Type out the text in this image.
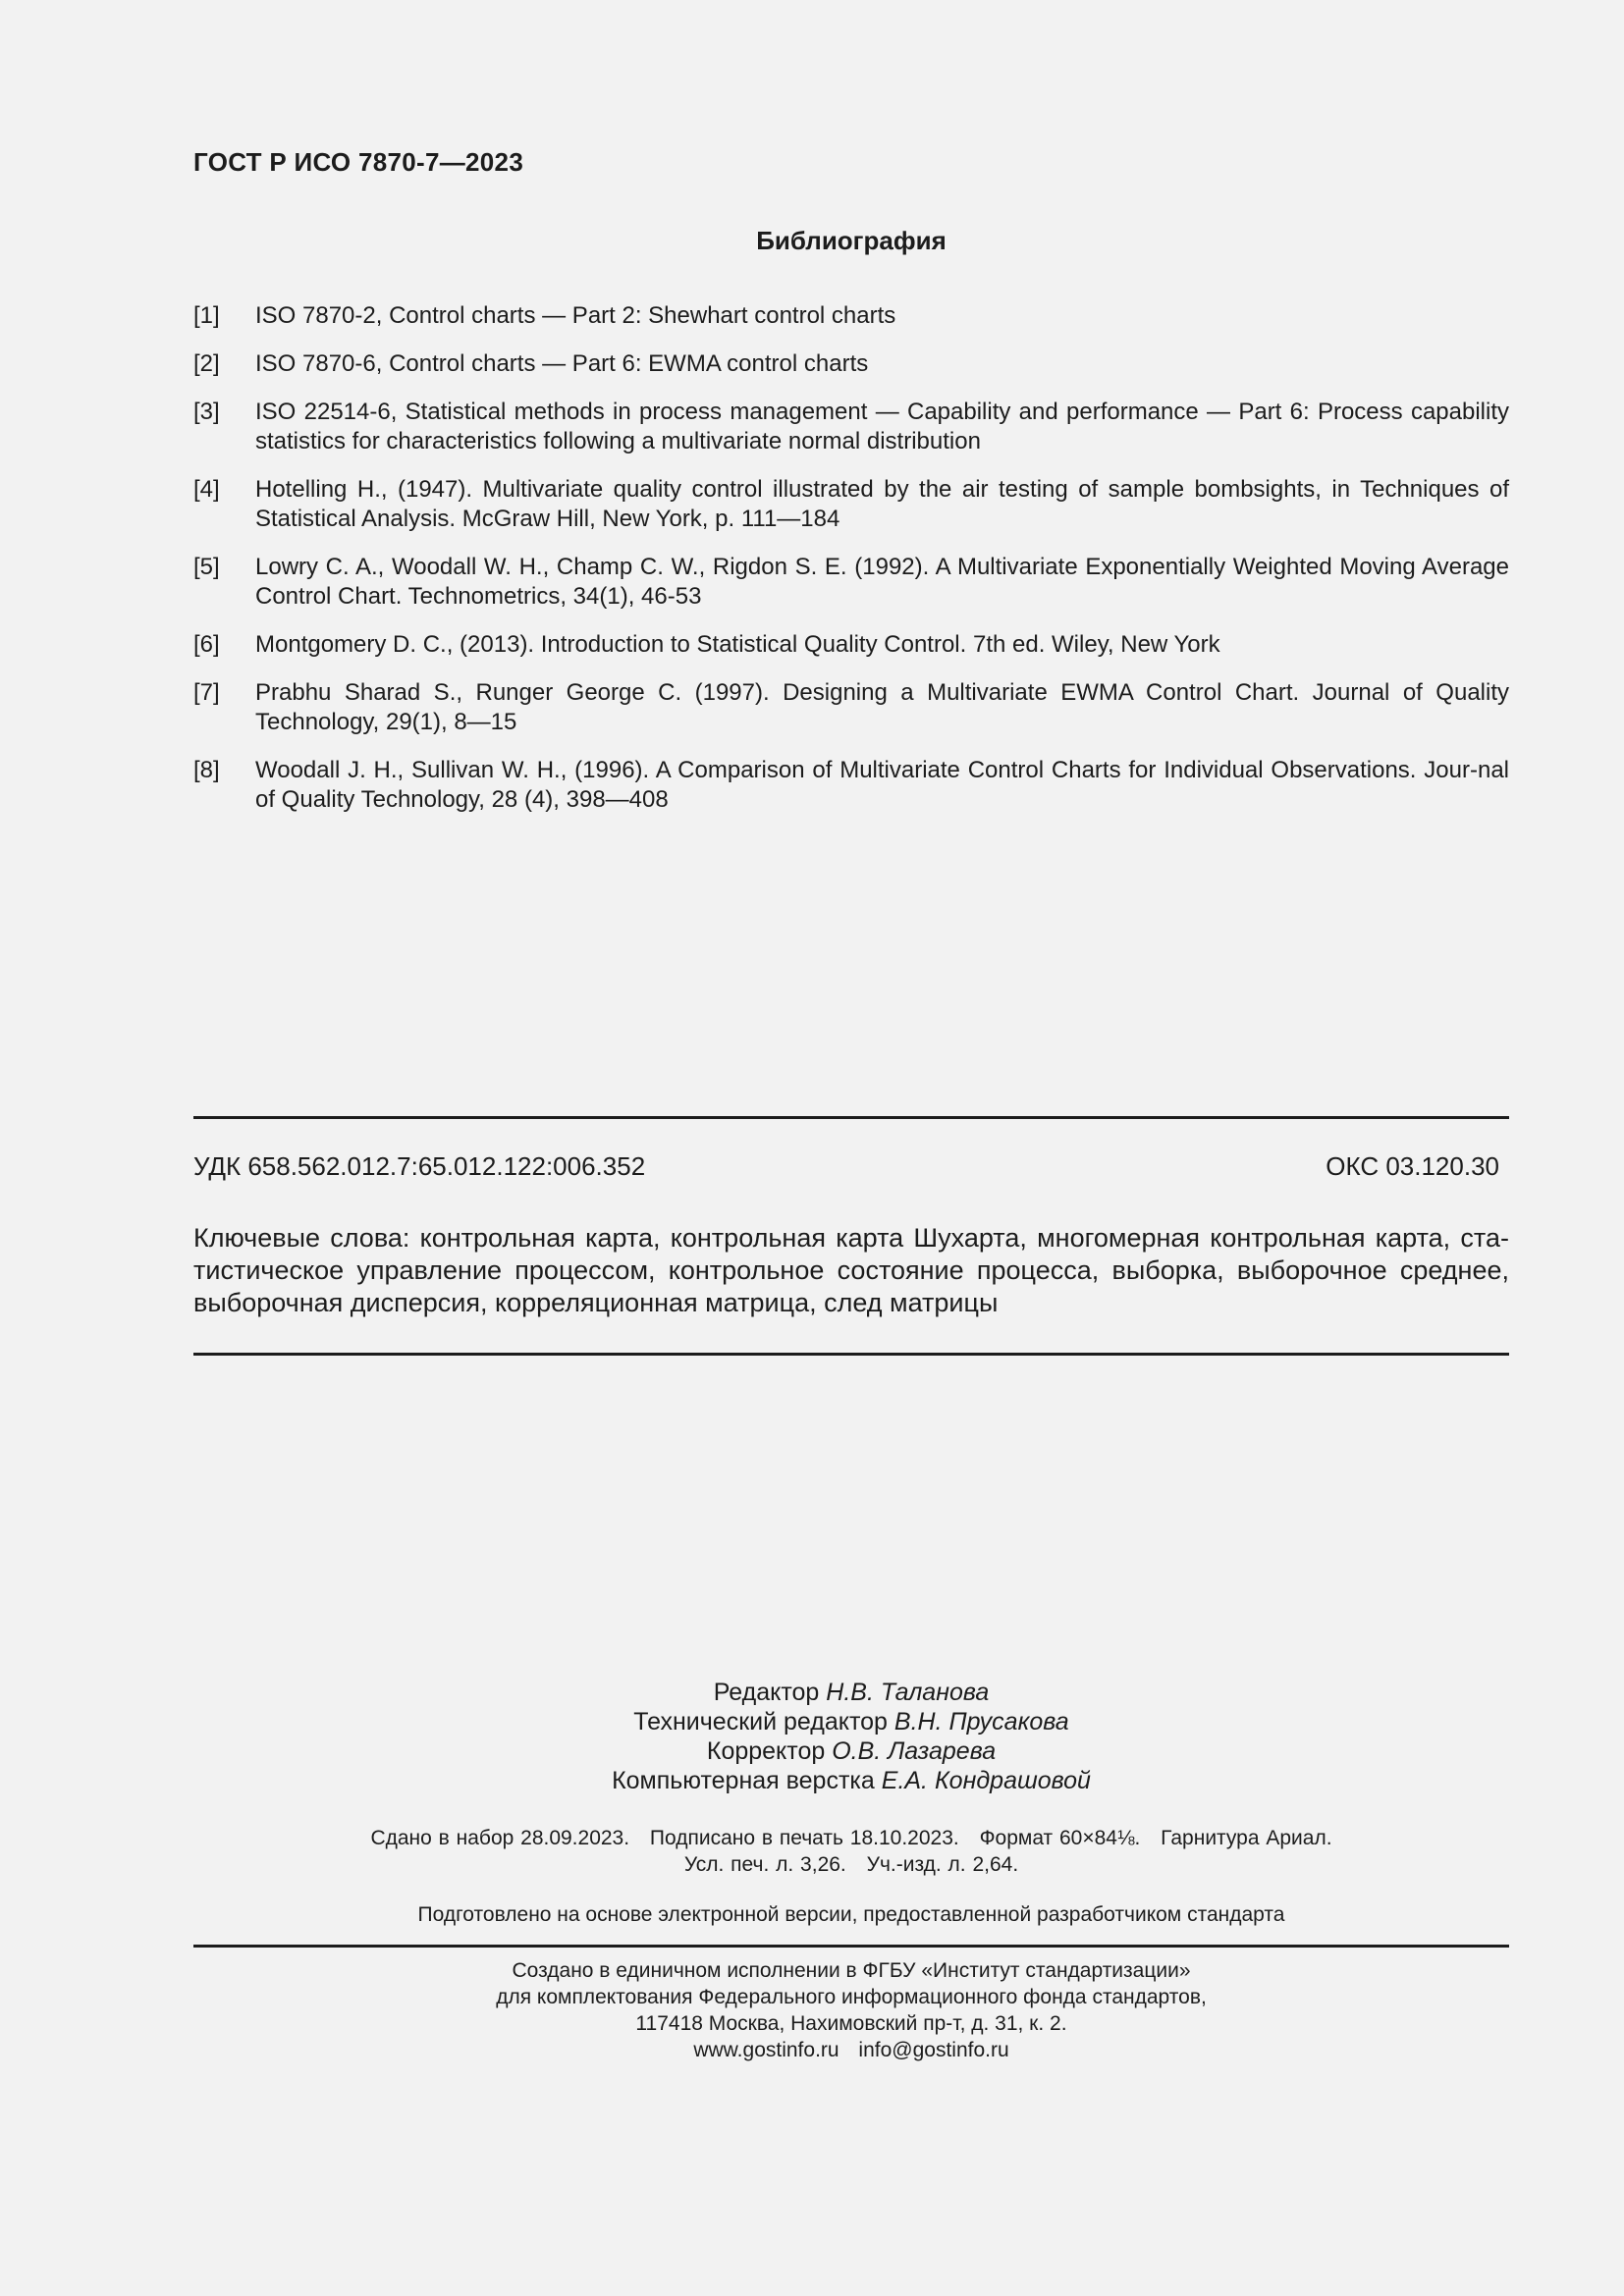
ГОСТ Р ИСО 7870-7—2023
Библиография
[1]	ISO 7870-2, Control charts — Part 2: Shewhart control charts
[2]	ISO 7870-6, Control charts — Part 6: EWMA control charts
[3]	ISO 22514-6, Statistical methods in process management — Capability and performance — Part 6: Process capability statistics for characteristics following a multivariate normal distribution
[4]	Hotelling H., (1947). Multivariate quality control illustrated by the air testing of sample bombsights, in Techniques of Statistical Analysis. McGraw Hill, New York, p. 111—184
[5]	Lowry C. A., Woodall W. H., Champ C. W., Rigdon S. E. (1992). A Multivariate Exponentially Weighted Moving Average Control Chart. Technometrics, 34(1), 46-53
[6]	Montgomery D. C., (2013). Introduction to Statistical Quality Control. 7th ed. Wiley, New York
[7]	Prabhu Sharad S., Runger George C. (1997). Designing a Multivariate EWMA Control Chart. Journal of Quality Technology, 29(1), 8—15
[8]	Woodall J. H., Sullivan W. H., (1996). A Comparison of Multivariate Control Charts for Individual Observations. Jour-nal of Quality Technology, 28 (4), 398—408
УДК 658.562.012.7:65.012.122:006.352	ОКС 03.120.30
Ключевые слова: контрольная карта, контрольная карта Шухарта, многомерная контрольная карта, ста-тистическое управление процессом, контрольное состояние процесса, выборка, выборочное среднее, выборочная дисперсия, корреляционная матрица, след матрицы
Редактор Н.В. Таланова
Технический редактор В.Н. Прусакова
Корректор О.В. Лазарева
Компьютерная верстка Е.А. Кондрашовой
Сдано в набор 28.09.2023. Подписано в печать 18.10.2023. Формат 60×84⅛. Гарнитура Ариал.
Усл. печ. л. 3,26. Уч.-изд. л. 2,64.
Подготовлено на основе электронной версии, предоставленной разработчиком стандарта
Создано в единичном исполнении в ФГБУ «Институт стандартизации»
для комплектования Федерального информационного фонда стандартов,
117418 Москва, Нахимовский пр-т, д. 31, к. 2.
www.gostinfo.ru info@gostinfo.ru
